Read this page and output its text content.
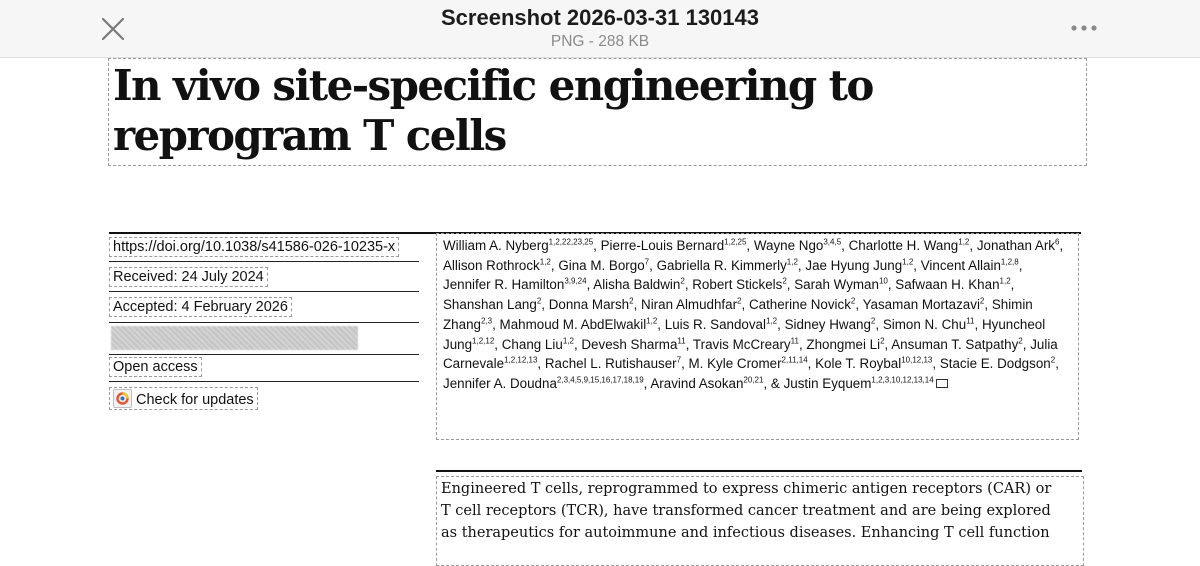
Screenshot 2026-03-31 130143
PNG - 288 KB
In vivo site-specific engineering to reprogram T cells
https://doi.org/10.1038/s41586-026-10235-x
Received: 24 July 2024
Accepted: 4 February 2026
Open access
Check for updates
William A. Nyberg$^{1,2,22,23,25}$, Pierre-Louis Bernard$^{1,2,25}$, Wayne Ngo$^{3,4,5}$, Charlotte H. Wang$^{1,2}$, Jonathan Ark$^6$, Allison Rothrock$^{1,2}$, Gina M. Borgo$^7$, Gabriella R. Kimmerly$^{1,2}$, Jae Hyung Jung$^{1,2}$, Vincent Allain$^{1,2,8}$, Jennifer R. Hamilton$^{3,9,24}$, Alisha Baldwin$^2$, Robert Stickels$^2$, Sarah Wyman$^{10}$, Safwaan H. Khan$^{1,2}$, Shanshan Lang$^2$, Donna Marsh$^2$, Niran Almudhfar$^2$, Catherine Novick$^2$, Yasaman Mortazavi$^2$, Shimin Zhang$^{2,3}$, Mahmoud M. AbdElwakil$^{1,2}$, Luis R. Sandoval$^{1,2}$, Sidney Hwang$^2$, Simon N. Chu$^{11}$, Hyuncheol Jung$^{1,2,12}$, Chang Liu$^{1,2}$, Devesh Sharma$^{11}$, Travis McCreary$^{11}$, Zhongmei Li$^2$, Ansuman T. Satpathy$^2$, Julia Carnevale$^{1,2,12,13}$, Rachel L. Rutishauser$^7$, M. Kyle Cromer$^{2,11,14}$, Kole T. Roybal$^{10,12,13}$, Stacie E. Dodgson$^2$, Jennifer A. Doudna$^{2,3,4,5,9,15,16,17,18,19}$, Aravind Asokan$^{20,21}$, & Justin Eyquem$^{1,2,3,10,12,13,14}$
Engineered T cells, reprogrammed to express chimeric antigen receptors (CAR) or
T cell receptors (TCR), have transformed cancer treatment and are being explored
as therapeutics for autoimmune and infectious diseases. Enhancing T cell function
